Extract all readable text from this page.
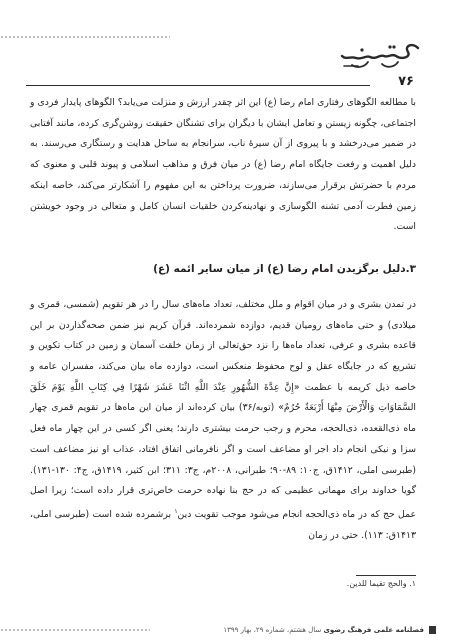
۷۶

با مطالعه الگوهای رفتاری امام رضا (ع) این اثر چقدر ارزش و منزلت می‌یابد؟ الگوهای پایدار فردی و اجتماعی، چگونه زیستن و تعامل ایشان با دیگران برای تشنگان حقیقت روشن‌گری کرده، مانند آفتابی در ضمیر می‌درخشد و با پیروی از آن سیرهٔ ناب، سرانجام به ساحل هدایت و رستگاری می‌رسند. به دلیل اهمیت و رفعت جایگاه امام رضا (ع) در میان فرق و مذاهب اسلامی و پیوند قلبی و معنوی که مردم با حضرتش برقرار می‌سازند، ضرورت پرداختن به این مفهوم را آشکارتر می‌کند، خاصه اینکه زمین فطرت آدمی تشنه الگوسازی و نهادینه‌کردن خلقیات انسان کامل و متعالی در وجود خویشتن است.

۳.دلیل برگزیدن امام رضا (ع) از میان سایر ائمه (ع)

در تمدن بشری و در میان اقوام و ملل مختلف، تعداد ماه‌های سال را در هر تقویم (شمسی، قمری و میلادی) و حتی ماه‌های رومیان قدیم، دوازده شمرده‌اند. قرآن کریم نیز ضمن صحه‌گذاردن بر این قاعده بشری و عرفی، تعداد ماه‌ها را نزد حق‌تعالی از زمان خلقت آسمان و زمین در کتاب تکوین و تشریع که در جایگاه عقل و لوح محفوظ منعکس است، دوازده ماه بیان می‌کند، مفسران عامه و خاصه ذیل کریمه با عظمت «إِنَّ عِدَّةَ الشُّهُورِ عِنْدَ اللَّهِ اثْنَا عَشَرَ شَهْرًا فِي كِتَابِ اللَّهِ يَوْمَ خَلَقَ السَّمَاوَاتِ وَالْأَرْضَ مِنْهَا أَرْبَعَةٌ حُرُمٌ» (توبه/۳۶) بیان کرده‌اند از میان این ماه‌ها در تقویم قمری چهار ماه ذی‌القعده، ذی‌الحجه، محرم و رجب حرمت بیشتری دارند؛ یعنی اگر کسی در این چهار ماه فعل سزا و نیکی انجام داد اجر او مضاعف است و اگر نافرمانی اتفاق افتاد، عذاب او نیز مضاعف است (طبرسی املی، ۱۴۱۲ق، ج۱۰: ۸۹-۹۰؛ طبرانی، ۲۰۰۸م، ج۳: ۳۱۱؛ ابن کثیر، ۱۴۱۹ق، ج۴: ۱۳۰-۱۳۱). گویا خداوند برای مهمانی عظیمی که در حج بنا نهاده حرمت خاص‌تری قرار داده است؛ زیرا اصل عمل حج که در ماه ذی‌الحجه انجام می‌شود موجب تقویت دین$^۱$ برشمرده شده است (طبرسی املی، ۱۴۱۳ق: ۱۱۳). حتی در زمان

۱. والحج تقيما للدين.
فصلنامه علمی فرهنگ رضوی سال هشتم، شماره ۲۹، بهار ۱۳۹۹
